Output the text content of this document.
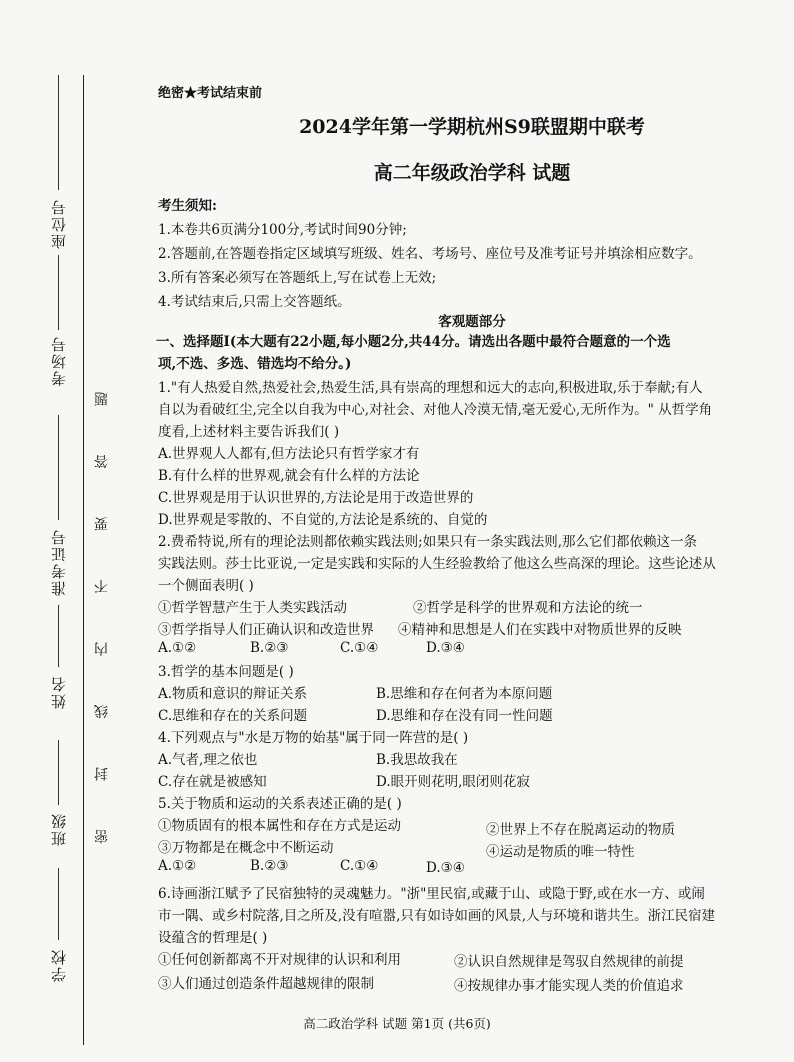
座位号
考场号
准考证号
姓名
班级
学校
密 封 线 内 不 要 答 题
绝密★考试结束前
2024学年第一学期杭州S9联盟期中联考
高二年级政治学科 试题
考生须知:
1.本卷共6页满分100分,考试时间90分钟;
2.答题前,在答题卷指定区域填写班级、姓名、考场号、座位号及准考证号并填涂相应数字。
3.所有答案必须写在答题纸上,写在试卷上无效;
4.考试结束后,只需上交答题纸。
客观题部分
一、选择题Ⅰ(本大题有22小题,每小题2分,共44分。请选出各题中最符合题意的一个选
项,不选、多选、错选均不给分。)
1."有人热爱自然,热爱社会,热爱生活,具有崇高的理想和远大的志向,积极进取,乐于奉献;有人
自以为看破红尘,完全以自我为中心,对社会、对他人冷漠无情,毫无爱心,无所作为。" 从哲学角
度看,上述材料主要告诉我们( )
A.世界观人人都有,但方法论只有哲学家才有
B.有什么样的世界观,就会有什么样的方法论
C.世界观是用于认识世界的,方法论是用于改造世界的
D.世界观是零散的、不自觉的,方法论是系统的、自觉的
2.费希特说,所有的理论法则都依赖实践法则;如果只有一条实践法则,那么它们都依赖这一条
实践法则。莎士比亚说,一定是实践和实际的人生经验教给了他这么些高深的理论。这些论述从
一个侧面表明( )
①哲学智慧产生于人类实践活动	②哲学是科学的世界观和方法论的统一
③哲学指导人们正确认识和改造世界 ④精神和思想是人们在实践中对物质世界的反映
A.①②	B.②③	C.①④	D.③④
3.哲学的基本问题是( )
A.物质和意识的辩证关系	B.思维和存在何者为本原问题
C.思维和存在的关系问题	D.思维和存在没有同一性问题
4.下列观点与"水是万物的始基"属于同一阵营的是( )
A.气者,理之依也	B.我思故我在
C.存在就是被感知	D.眼开则花明,眼闭则花寂
5.关于物质和运动的关系表述正确的是( )
①物质固有的根本属性和存在方式是运动	②世界上不存在脱离运动的物质
③万物都是在概念中不断运动	④运动是物质的唯一特性
A.①②	B.②③	C.①④	D.③④
6.诗画浙江赋予了民宿独特的灵魂魅力。"浙"里民宿,或藏于山、或隐于野,或在水一方、或闹
市一隅、或乡村院落,目之所及,没有喧嚣,只有如诗如画的风景,人与环境和谐共生。浙江民宿建
设蕴含的哲理是( )
①任何创新都离不开对规律的认识和利用	②认识自然规律是驾驭自然规律的前提
③人们通过创造条件超越规律的限制	④按规律办事才能实现人类的价值追求
高二政治学科 试题 第1页 (共6页)
